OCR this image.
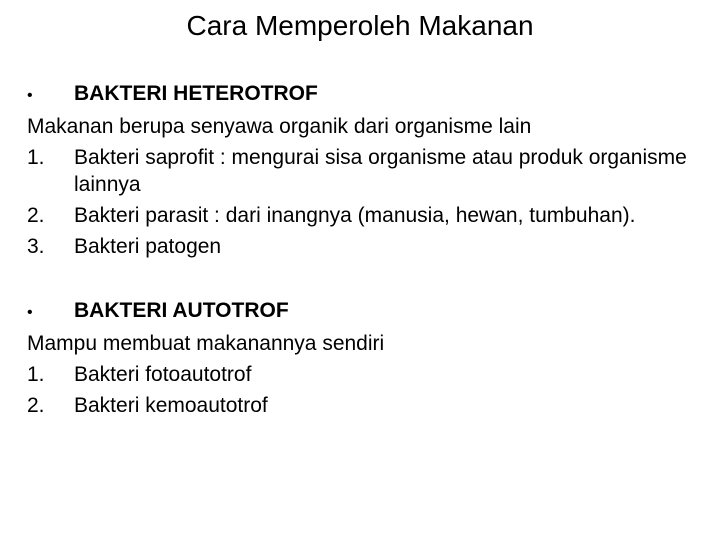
Cara Memperoleh Makanan
•	BAKTERI HETEROTROF

Makanan berupa senyawa organik dari organisme lain

1.	Bakteri saprofit : mengurai sisa organisme atau produk organisme lainnya
2.	Bakteri parasit : dari inangnya (manusia, hewan, tumbuhan).
3.	Bakteri patogen
•	BAKTERI AUTOTROF

Mampu membuat makanannya sendiri

1.	Bakteri fotoautotrof
2.	Bakteri kemoautotrof
